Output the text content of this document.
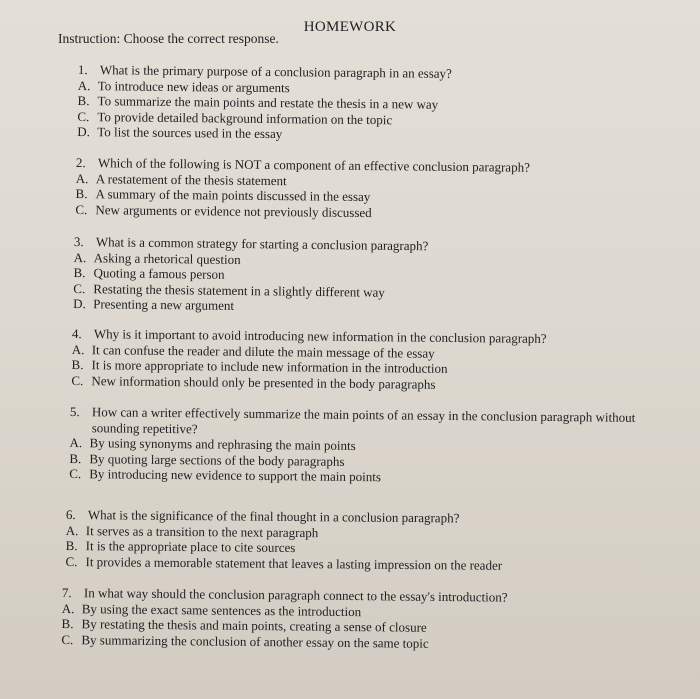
HOMEWORK
Instruction: Choose the correct response.
1. What is the primary purpose of a conclusion paragraph in an essay?
A. To introduce new ideas or arguments
B. To summarize the main points and restate the thesis in a new way
C. To provide detailed background information on the topic
D. To list the sources used in the essay
2. Which of the following is NOT a component of an effective conclusion paragraph?
A. A restatement of the thesis statement
B. A summary of the main points discussed in the essay
C. New arguments or evidence not previously discussed
3. What is a common strategy for starting a conclusion paragraph?
A. Asking a rhetorical question
B. Quoting a famous person
C. Restating the thesis statement in a slightly different way
D. Presenting a new argument
4. Why is it important to avoid introducing new information in the conclusion paragraph?
A. It can confuse the reader and dilute the main message of the essay
B. It is more appropriate to include new information in the introduction
C. New information should only be presented in the body paragraphs
5. How can a writer effectively summarize the main points of an essay in the conclusion paragraph without sounding repetitive?
A. By using synonyms and rephrasing the main points
B. By quoting large sections of the body paragraphs
C. By introducing new evidence to support the main points
6. What is the significance of the final thought in a conclusion paragraph?
A. It serves as a transition to the next paragraph
B. It is the appropriate place to cite sources
C. It provides a memorable statement that leaves a lasting impression on the reader
7. In what way should the conclusion paragraph connect to the essay's introduction?
A. By using the exact same sentences as the introduction
B. By restating the thesis and main points, creating a sense of closure
C. By summarizing the conclusion of another essay on the same topic
